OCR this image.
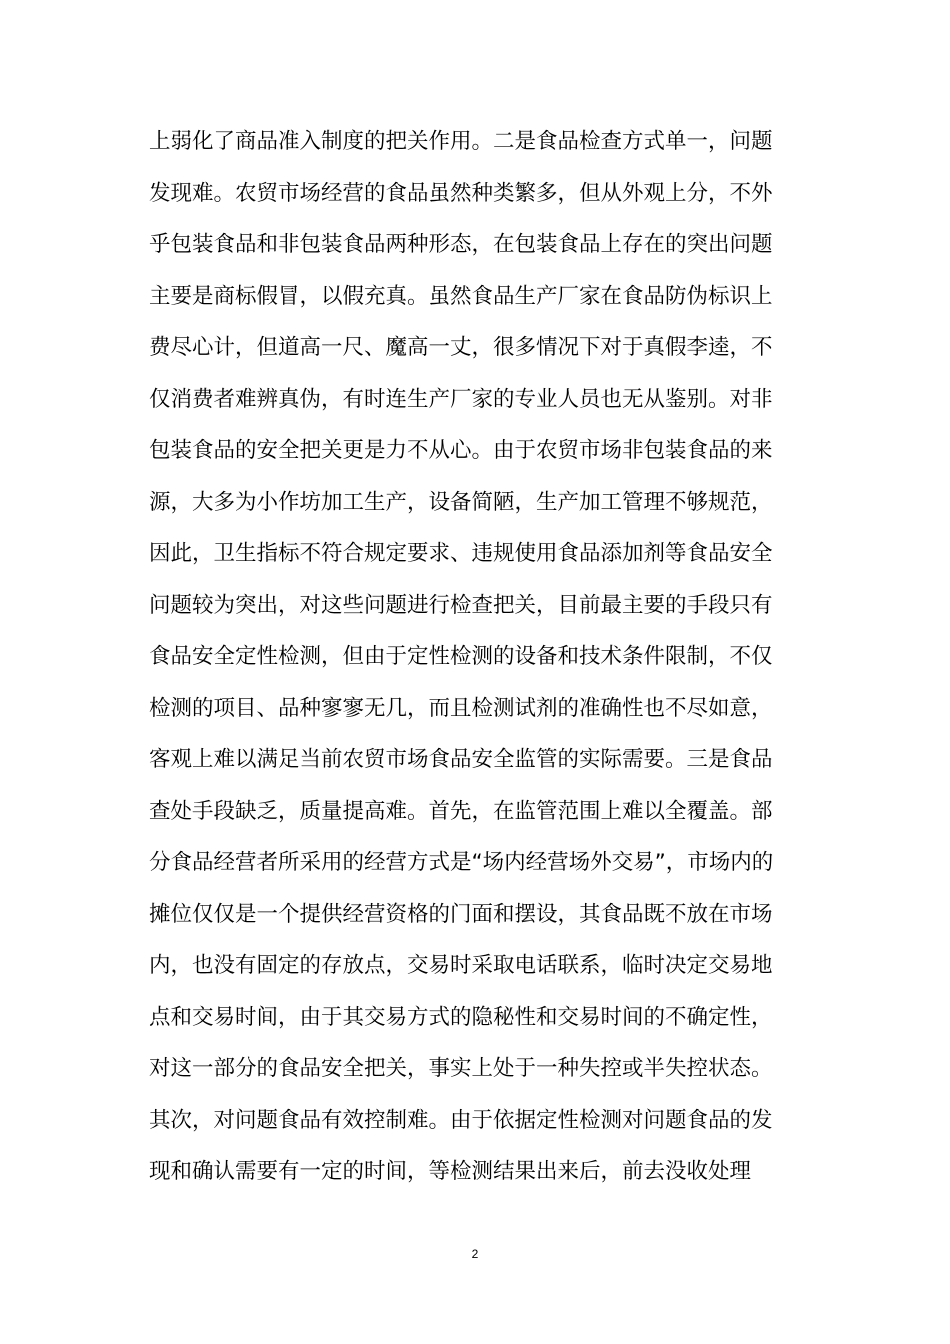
上弱化了商品准入制度的把关作用。二是食品检查方式单一，问题
发现难。农贸市场经营的食品虽然种类繁多，但从外观上分，不外
乎包装食品和非包装食品两种形态，在包装食品上存在的突出问题
主要是商标假冒，以假充真。虽然食品生产厂家在食品防伪标识上
费尽心计，但道高一尺、魔高一丈，很多情况下对于真假李逵，不
仅消费者难辨真伪，有时连生产厂家的专业人员也无从鉴别。对非
包装食品的安全把关更是力不从心。由于农贸市场非包装食品的来
源，大多为小作坊加工生产，设备简陋，生产加工管理不够规范，
因此，卫生指标不符合规定要求、违规使用食品添加剂等食品安全
问题较为突出，对这些问题进行检查把关，目前最主要的手段只有
食品安全定性检测，但由于定性检测的设备和技术条件限制，不仅
检测的项目、品种寥寥无几，而且检测试剂的准确性也不尽如意，
客观上难以满足当前农贸市场食品安全监管的实际需要。三是食品
查处手段缺乏，质量提高难。首先，在监管范围上难以全覆盖。部
分食品经营者所采用的经营方式是“场内经营场外交易”，市场内的
摊位仅仅是一个提供经营资格的门面和摆设，其食品既不放在市场
内，也没有固定的存放点，交易时采取电话联系，临时决定交易地
点和交易时间，由于其交易方式的隐秘性和交易时间的不确定性，
对这一部分的食品安全把关，事实上处于一种失控或半失控状态。
其次，对问题食品有效控制难。由于依据定性检测对问题食品的发
现和确认需要有一定的时间，等检测结果出来后，前去没收处理
2
